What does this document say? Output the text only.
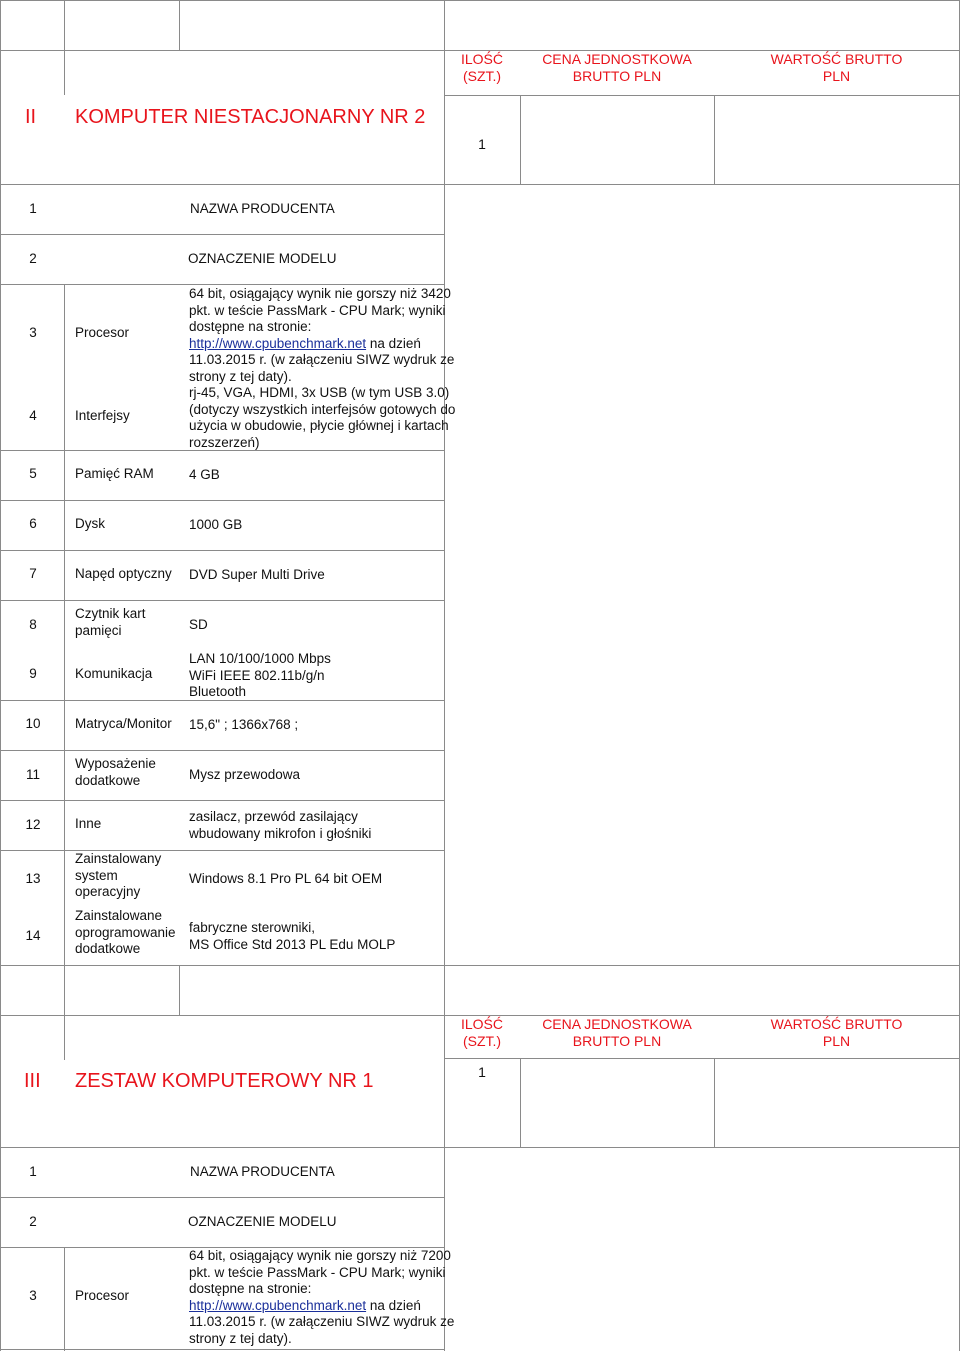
ILOŚĆ
(SZT.)
CENA JEDNOSTKOWA
BRUTTO PLN
WARTOŚĆ BRUTTO
PLN
II KOMPUTER NIESTACJONARNY NR 2
1
1	NAZWA PRODUCENTA
2	OZNACZENIE MODELU
3	Procesor
64 bit, osiągający wynik nie gorszy niż 3420
pkt. w teście PassMark - CPU Mark; wyniki
dostępne na stronie:
http://www.cpubenchmark.net na dzień
11.03.2015 r. (w załączeniu SIWZ wydruk ze
strony z tej daty).
4	Interfejsy
rj-45, VGA, HDMI, 3x USB (w tym USB 3.0)
(dotyczy wszystkich interfejsów gotowych do
użycia w obudowie, płycie głównej i kartach
rozszerzeń)
5	Pamięć RAM	4 GB
6	Dysk	1000 GB
7	Napęd optyczny DVD Super Multi Drive
8
Czytnik kart
pamięci	SD
9	Komunikacja
LAN 10/100/1000 Mbps
WiFi IEEE 802.11b/g/n
Bluetooth
10	Matryca/Monitor 15,6" ; 1366x768 ;
11
Wyposażenie
dodatkowe	Mysz przewodowa
12	Inne	zasilacz, przewód zasilający
wbudowany mikrofon i głośniki
13
Zainstalowany
system
operacyjny
Windows 8.1 Pro PL 64 bit OEM
14
Zainstalowane
oprogramowanie
dodatkowe
fabryczne sterowniki,
MS Office Std 2013 PL Edu MOLP
ILOŚĆ
(SZT.)
CENA JEDNOSTKOWA
BRUTTO PLN
WARTOŚĆ BRUTTO
PLN
III ZESTAW KOMPUTEROWY NR 1	1
1	NAZWA PRODUCENTA
2	OZNACZENIE MODELU
3	Procesor
64 bit, osiągający wynik nie gorszy niż 7200
pkt. w teście PassMark - CPU Mark; wyniki
dostępne na stronie:
http://www.cpubenchmark.net na dzień
11.03.2015 r. (w załączeniu SIWZ wydruk ze
strony z tej daty).
